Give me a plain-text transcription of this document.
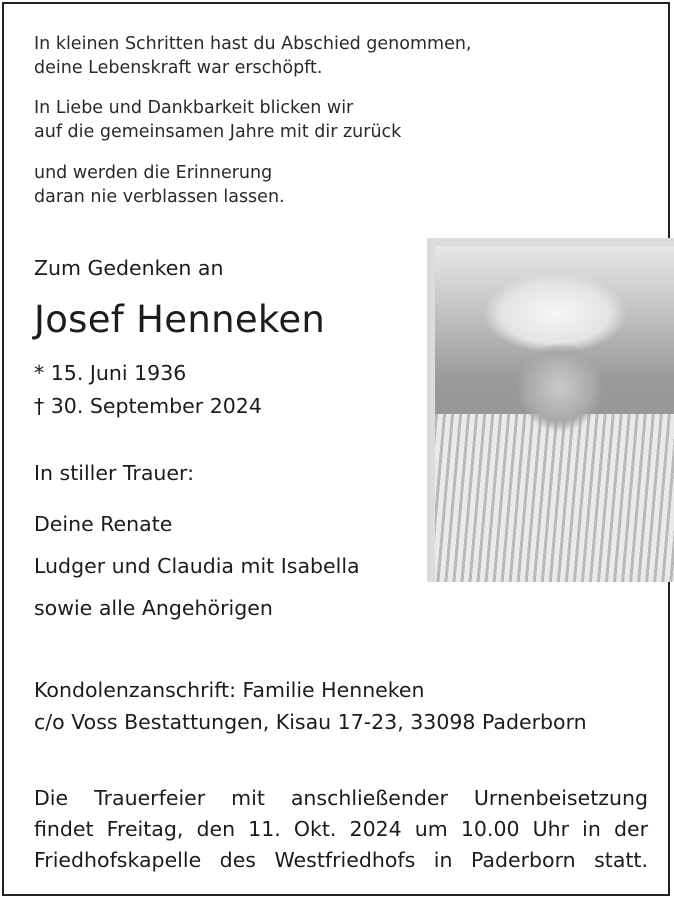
In kleinen Schritten hast du Abschied genommen,

deine Lebenskraft war erschöpft.

In Liebe und Dankbarkeit blicken wir

auf die gemeinsamen Jahre mit dir zurück

und werden die Erinnerung

daran nie verblassen lassen.

Zum Gedenken an

Josef Henneken

* 15. Juni 1936

† 30. September 2024

In stiller Trauer:

Deine Renate

Ludger und Claudia mit Isabella

sowie alle Angehörigen

Kondolenzanschrift: Familie Henneken

c/o Voss Bestattungen, Kisau 17-23, 33098 Paderborn

Die Trauerfeier mit anschließender Urnenbeisetzung

findet Freitag, den 11. Okt. 2024 um 10.00 Uhr in der

Friedhofskapelle des Westfriedhofs in Paderborn statt.
